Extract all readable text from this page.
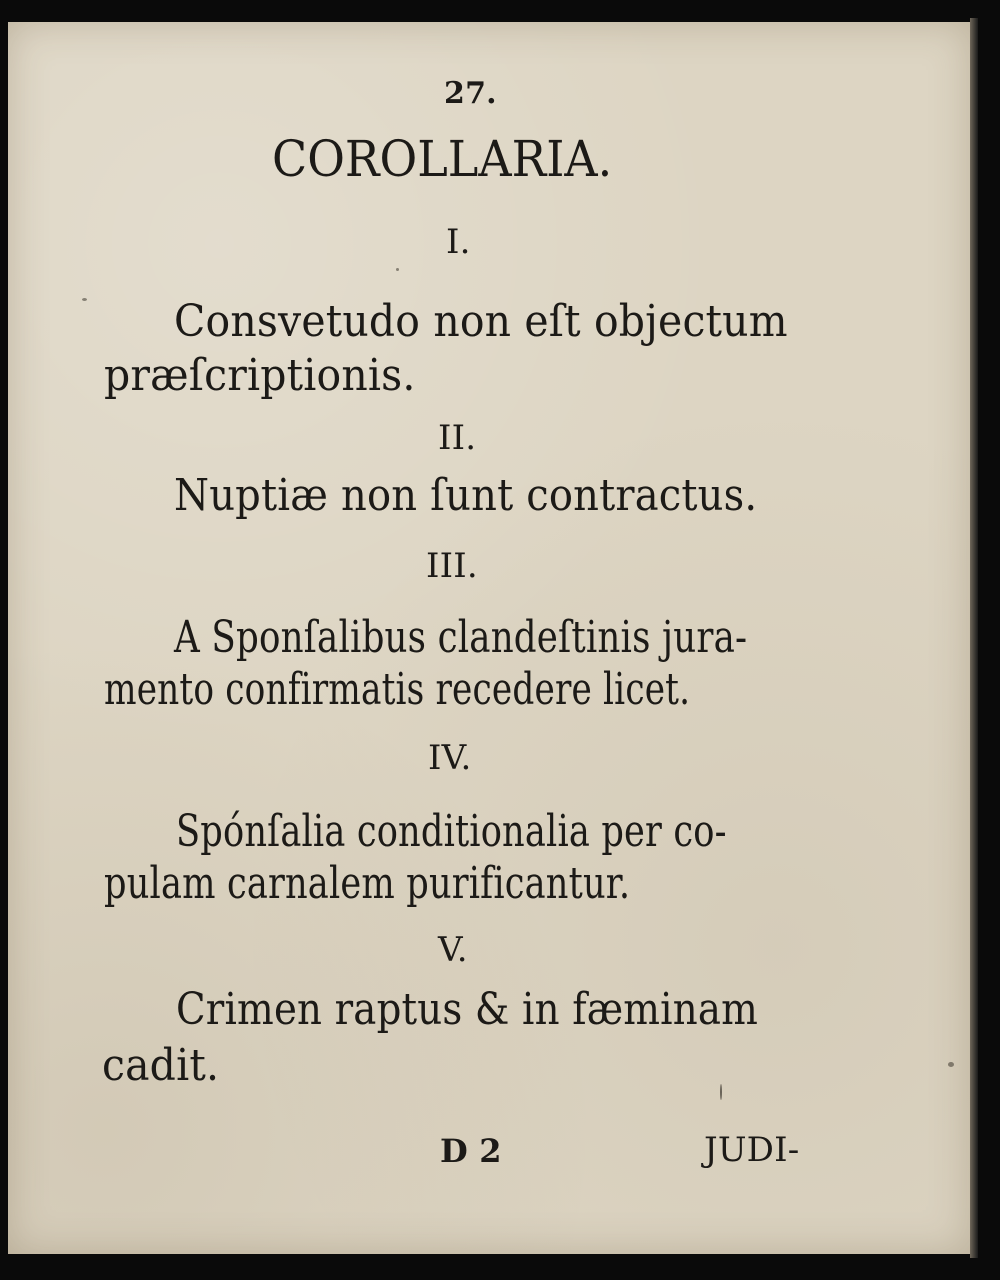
27.
COROLLARIA.
I.
Consvetudo non eſt objectum
præſcriptionis.
II.
Nuptiæ non ſunt contractus.
III.
A Sponſalibus clandeſtinis jura-
mento confirmatis recedere licet.
IV.
Spónſalia conditionalia per co-
pulam carnalem purificantur.
V.
Crimen raptus & in fæminam
cadit.
D 2	JUDI-
